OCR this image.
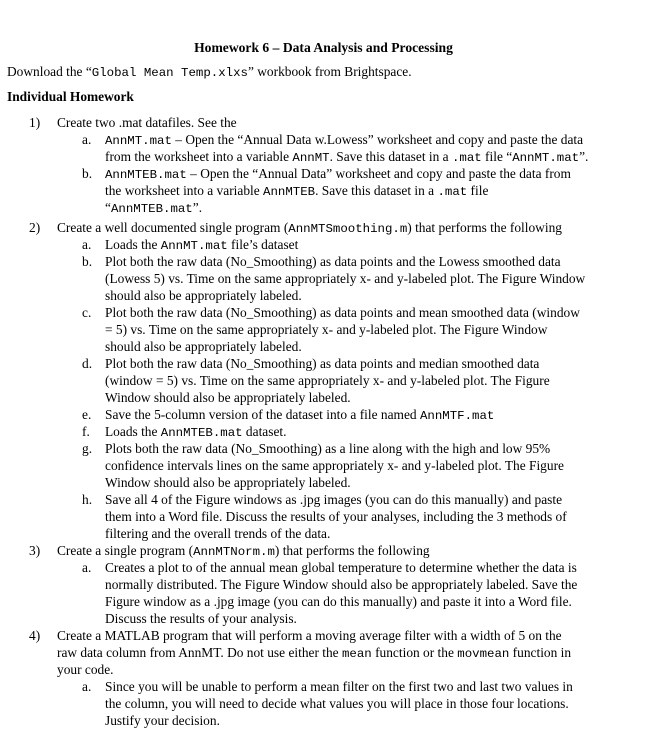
Homework 6 – Data Analysis and Processing
Download the “Global Mean Temp.xlxs” workbook from Brightspace.
Individual Homework
1) Create two .mat datafiles. See the
a. AnnMT.mat – Open the “Annual Data w.Lowess” worksheet and copy and paste the data
from the worksheet into a variable AnnMT. Save this dataset in a .mat file “AnnMT.mat”.
b. AnnMTEB.mat – Open the “Annual Data” worksheet and copy and paste the data from
the worksheet into a variable AnnMTEB. Save this dataset in a .mat file
“AnnMTEB.mat”.
2) Create a well documented single program (AnnMTSmoothing.m) that performs the following
a. Loads the AnnMT.mat file’s dataset
b. Plot both the raw data (No_Smoothing) as data points and the Lowess smoothed data
(Lowess 5) vs. Time on the same appropriately x- and y-labeled plot. The Figure Window
should also be appropriately labeled.
c. Plot both the raw data (No_Smoothing) as data points and mean smoothed data (window
= 5) vs. Time on the same appropriately x- and y-labeled plot. The Figure Window
should also be appropriately labeled.
d. Plot both the raw data (No_Smoothing) as data points and median smoothed data
(window = 5) vs. Time on the same appropriately x- and y-labeled plot. The Figure
Window should also be appropriately labeled.
e. Save the 5-column version of the dataset into a file named AnnMTF.mat
f. Loads the AnnMTEB.mat dataset.
g. Plots both the raw data (No_Smoothing) as a line along with the high and low 95%
confidence intervals lines on the same appropriately x- and y-labeled plot. The Figure
Window should also be appropriately labeled.
h. Save all 4 of the Figure windows as .jpg images (you can do this manually) and paste
them into a Word file. Discuss the results of your analyses, including the 3 methods of
filtering and the overall trends of the data.
3) Create a single program (AnnMTNorm.m) that performs the following
a. Creates a plot to of the annual mean global temperature to determine whether the data is
normally distributed. The Figure Window should also be appropriately labeled. Save the
Figure window as a .jpg image (you can do this manually) and paste it into a Word file.
Discuss the results of your analysis.
4) Create a MATLAB program that will perform a moving average filter with a width of 5 on the
raw data column from AnnMT. Do not use either the mean function or the movmean function in
your code.
a. Since you will be unable to perform a mean filter on the first two and last two values in
the column, you will need to decide what values you will place in those four locations.
Justify your decision.
